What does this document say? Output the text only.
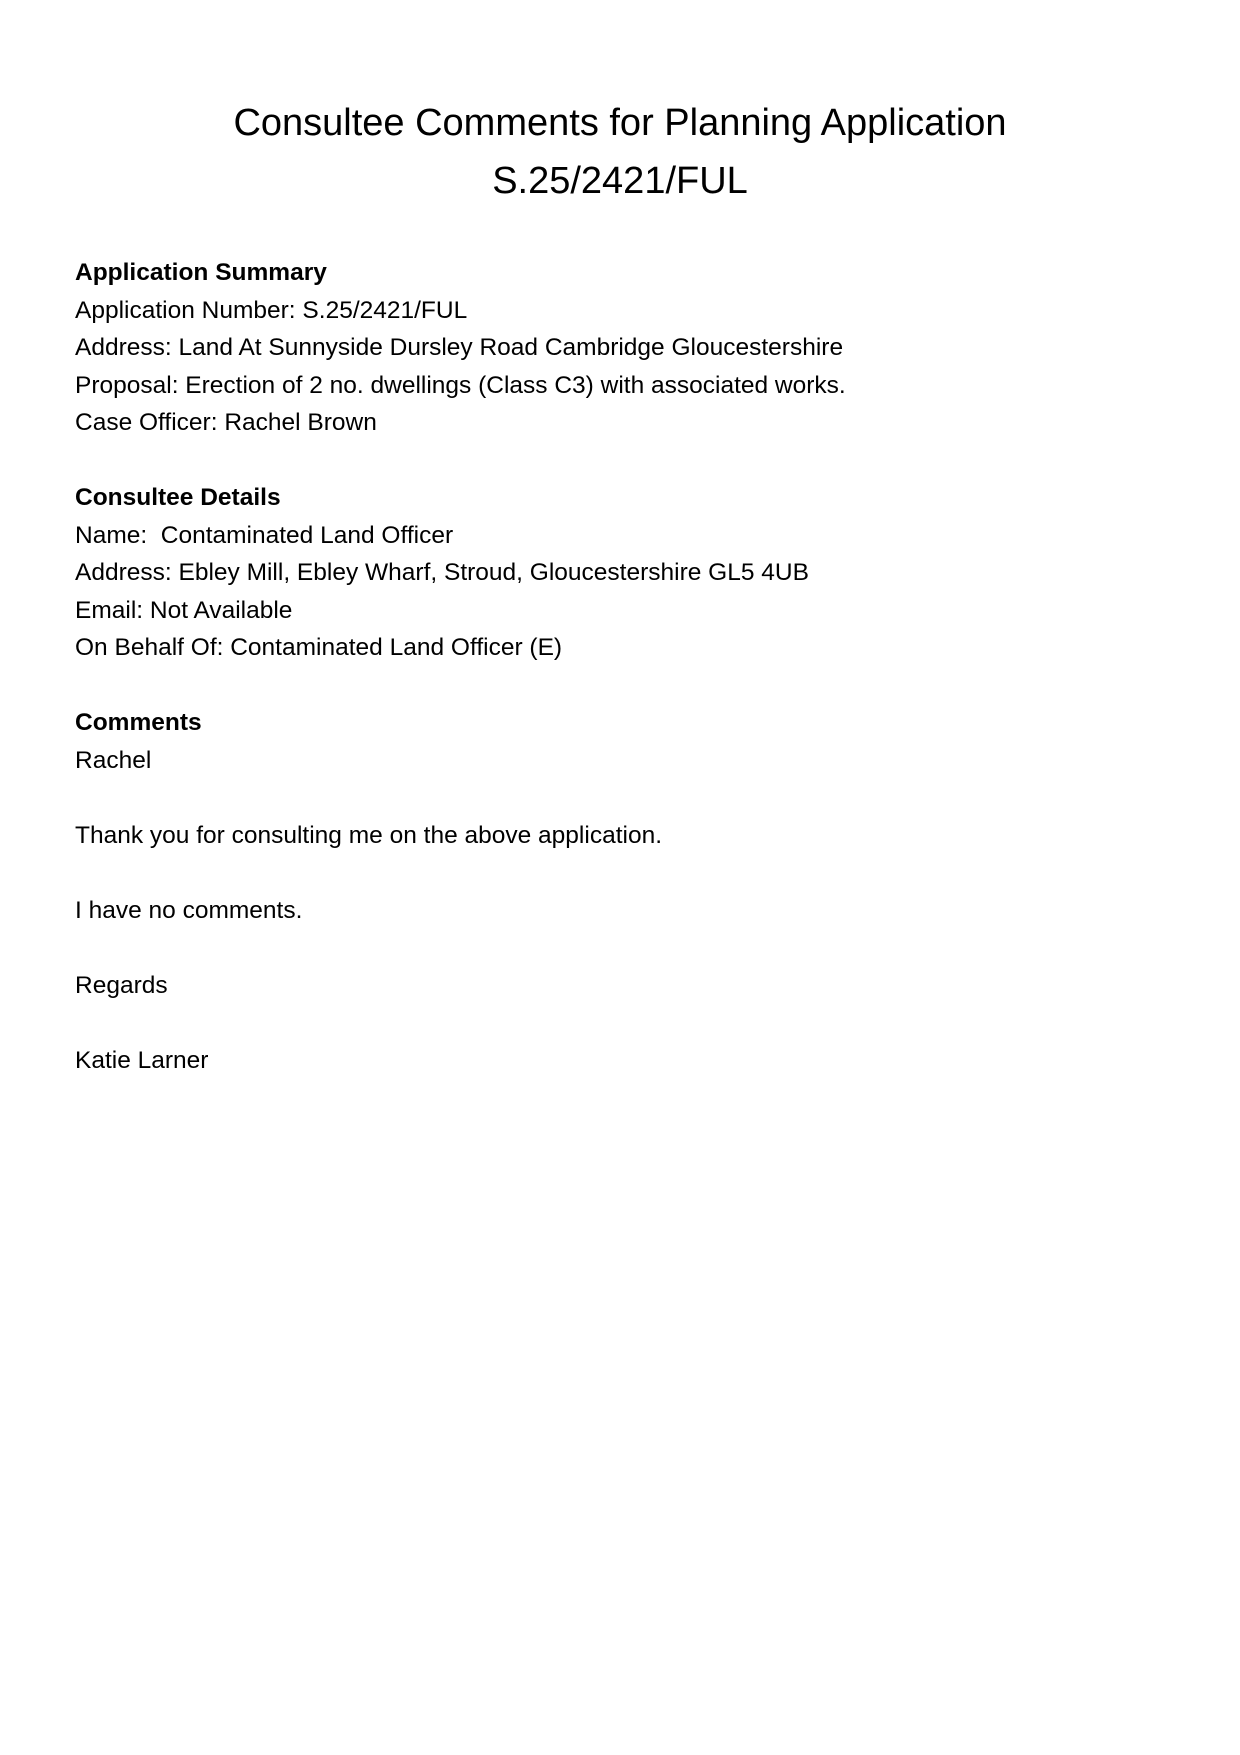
Consultee Comments for Planning Application
S.25/2421/FUL
Application Summary
Application Number: S.25/2421/FUL
Address: Land At Sunnyside Dursley Road Cambridge Gloucestershire
Proposal: Erection of 2 no. dwellings (Class C3) with associated works.
Case Officer: Rachel Brown
Consultee Details
Name:  Contaminated Land Officer
Address: Ebley Mill, Ebley Wharf, Stroud, Gloucestershire GL5 4UB
Email: Not Available
On Behalf Of: Contaminated Land Officer (E)
Comments
Rachel
Thank you for consulting me on the above application.
I have no comments.
Regards
Katie Larner
